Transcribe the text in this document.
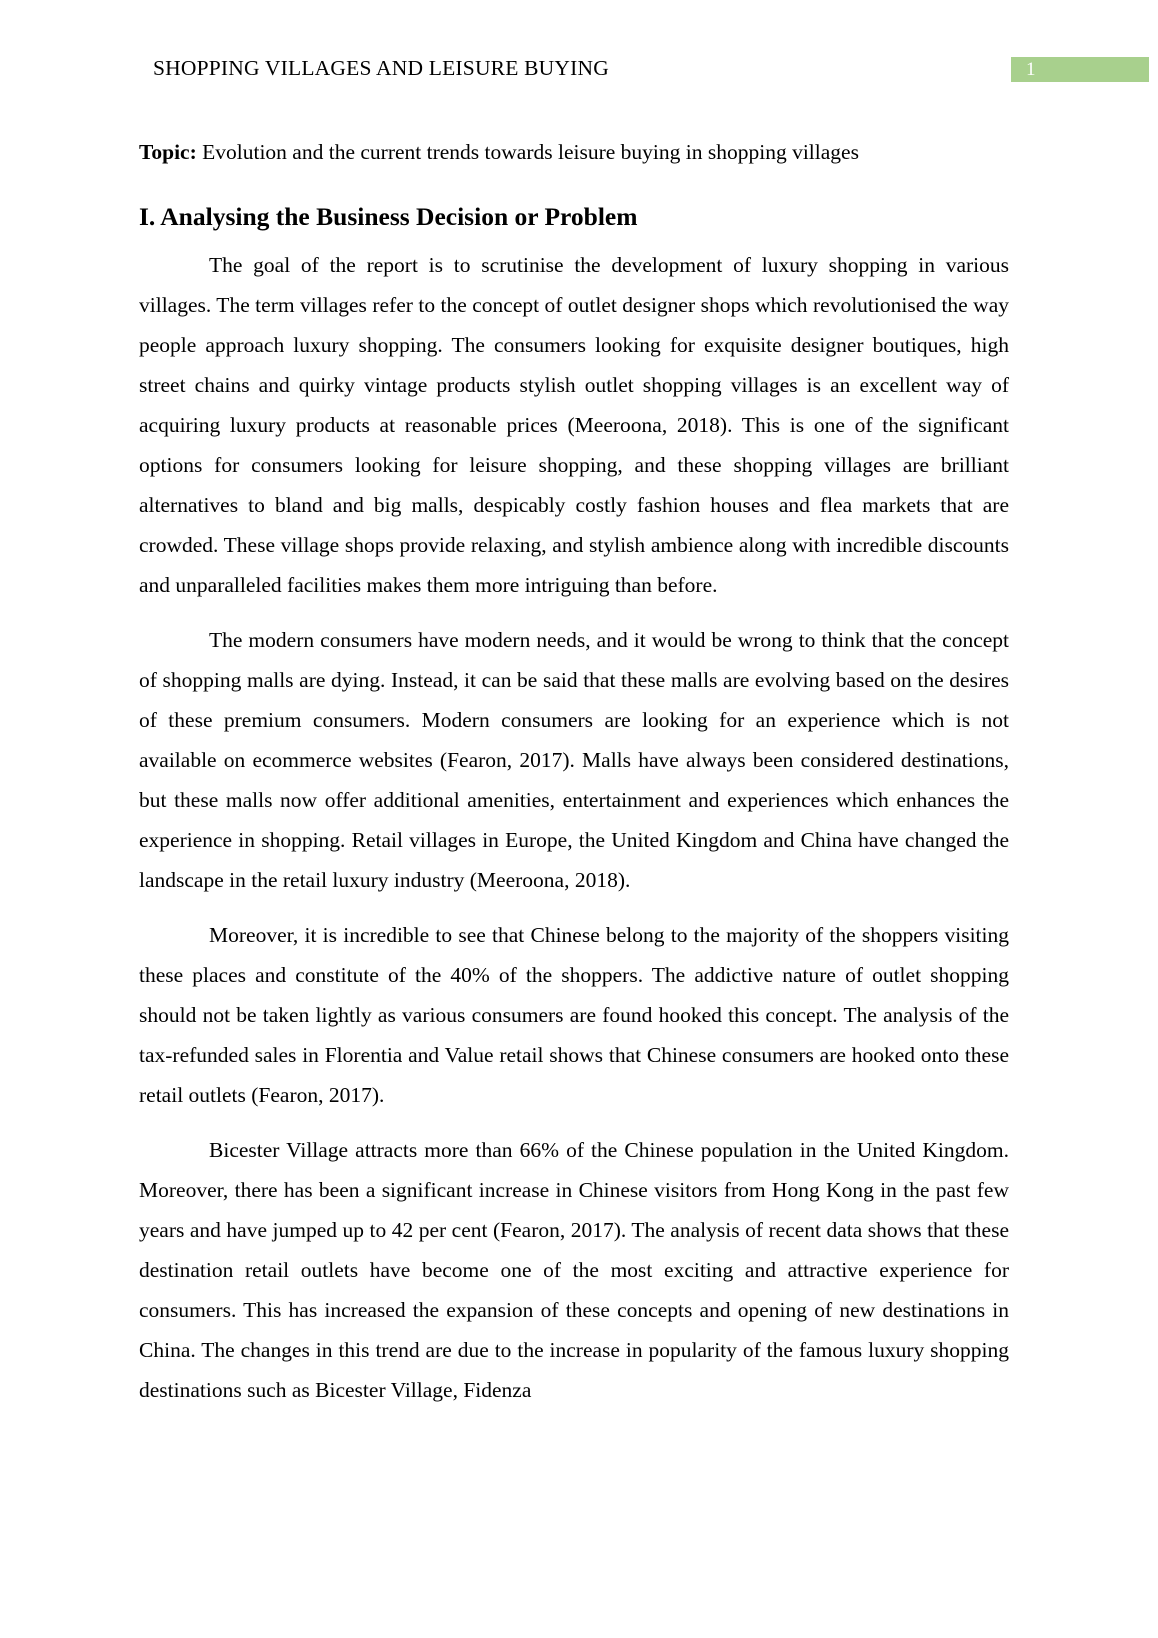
SHOPPING VILLAGES AND LEISURE BUYING	1
Topic: Evolution and the current trends towards leisure buying in shopping villages
I. Analysing the Business Decision or Problem

The goal of the report is to scrutinise the development of luxury shopping in various villages. The term villages refer to the concept of outlet designer shops which revolutionised the way people approach luxury shopping. The consumers looking for exquisite designer boutiques, high street chains and quirky vintage products stylish outlet shopping villages is an excellent way of acquiring luxury products at reasonable prices (Meeroona, 2018). This is one of the significant options for consumers looking for leisure shopping, and these shopping villages are brilliant alternatives to bland and big malls, despicably costly fashion houses and flea markets that are crowded. These village shops provide relaxing, and stylish ambience along with incredible discounts and unparalleled facilities makes them more intriguing than before.

The modern consumers have modern needs, and it would be wrong to think that the concept of shopping malls are dying. Instead, it can be said that these malls are evolving based on the desires of these premium consumers. Modern consumers are looking for an experience which is not available on ecommerce websites (Fearon, 2017). Malls have always been considered destinations, but these malls now offer additional amenities, entertainment and experiences which enhances the experience in shopping. Retail villages in Europe, the United Kingdom and China have changed the landscape in the retail luxury industry (Meeroona, 2018).

Moreover, it is incredible to see that Chinese belong to the majority of the shoppers visiting these places and constitute of the 40% of the shoppers. The addictive nature of outlet shopping should not be taken lightly as various consumers are found hooked this concept. The analysis of the tax-refunded sales in Florentia and Value retail shows that Chinese consumers are hooked onto these retail outlets (Fearon, 2017).

Bicester Village attracts more than 66% of the Chinese population in the United Kingdom. Moreover, there has been a significant increase in Chinese visitors from Hong Kong in the past few years and have jumped up to 42 per cent (Fearon, 2017). The analysis of recent data shows that these destination retail outlets have become one of the most exciting and attractive experience for consumers. This has increased the expansion of these concepts and opening of new destinations in China. The changes in this trend are due to the increase in popularity of the famous luxury shopping destinations such as Bicester Village, Fidenza
